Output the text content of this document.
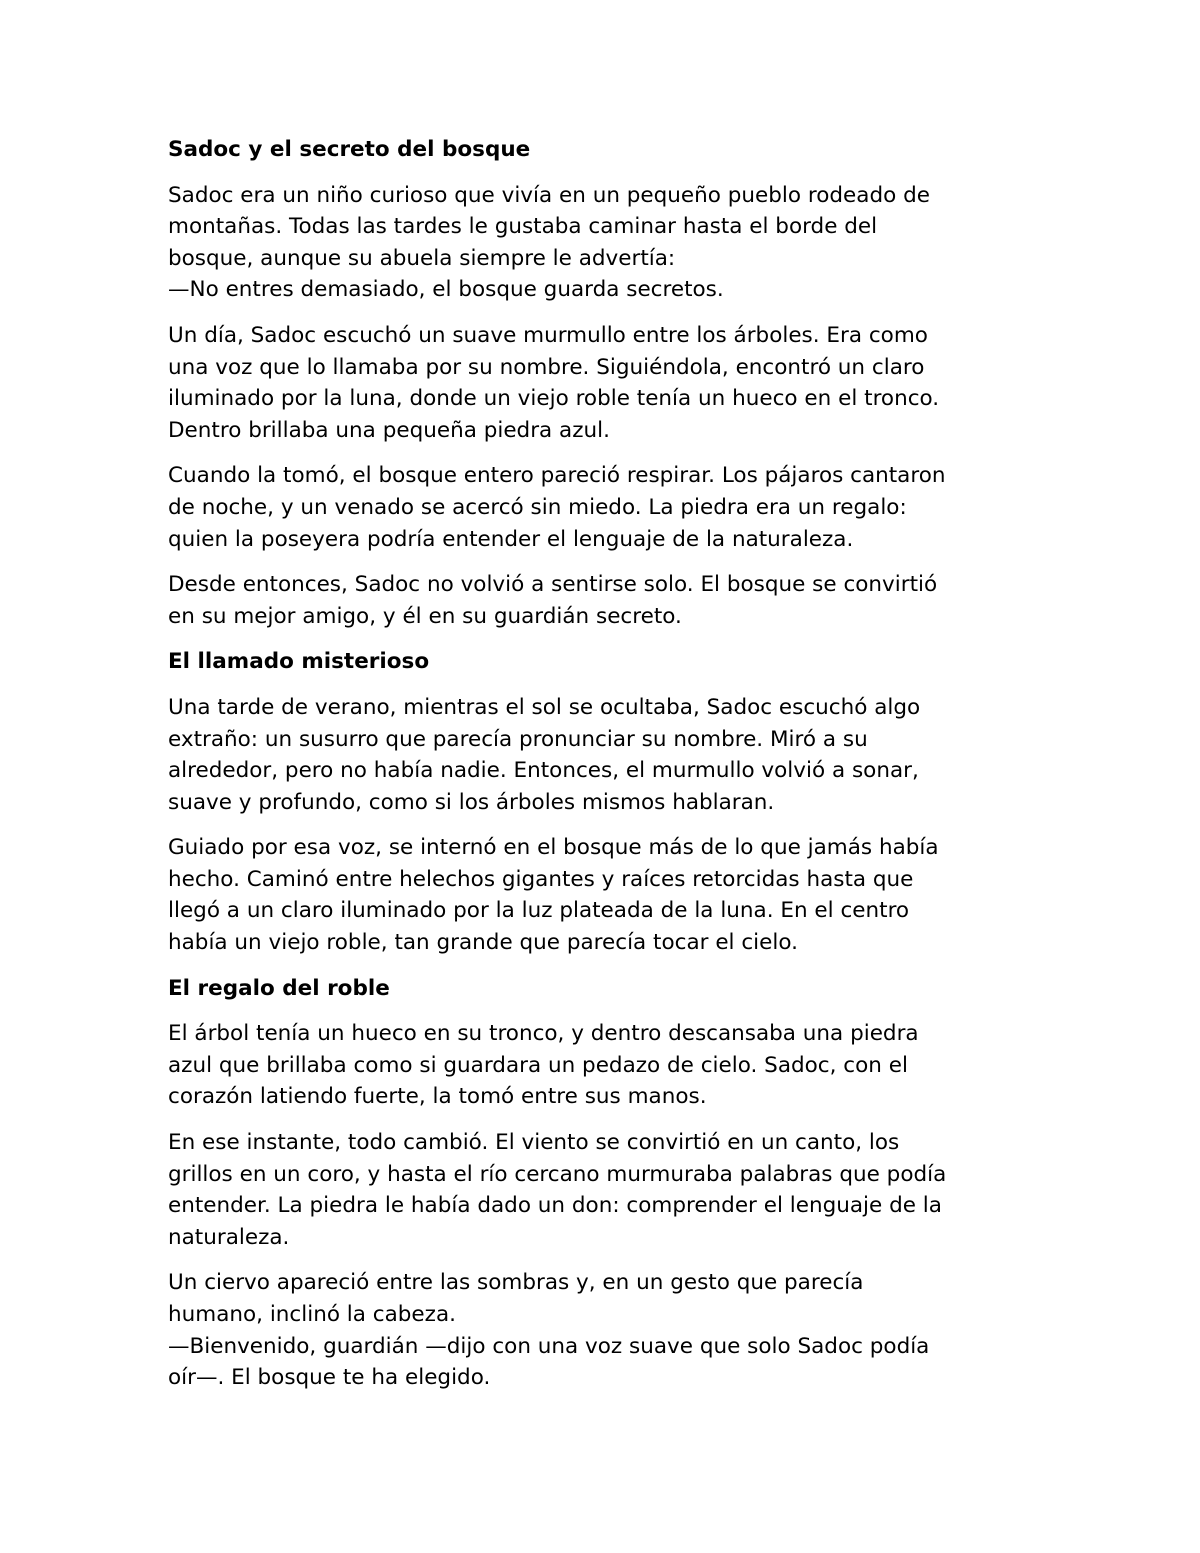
Sadoc y el secreto del bosque
Sadoc era un niño curioso que vivía en un pequeño pueblo rodeado de
montañas. Todas las tardes le gustaba caminar hasta el borde del
bosque, aunque su abuela siempre le advertía:
—No entres demasiado, el bosque guarda secretos.
Un día, Sadoc escuchó un suave murmullo entre los árboles. Era como
una voz que lo llamaba por su nombre. Siguiéndola, encontró un claro
iluminado por la luna, donde un viejo roble tenía un hueco en el tronco.
Dentro brillaba una pequeña piedra azul.
Cuando la tomó, el bosque entero pareció respirar. Los pájaros cantaron
de noche, y un venado se acercó sin miedo. La piedra era un regalo:
quien la poseyera podría entender el lenguaje de la naturaleza.
Desde entonces, Sadoc no volvió a sentirse solo. El bosque se convirtió
en su mejor amigo, y él en su guardián secreto.
El llamado misterioso
Una tarde de verano, mientras el sol se ocultaba, Sadoc escuchó algo
extraño: un susurro que parecía pronunciar su nombre. Miró a su
alrededor, pero no había nadie. Entonces, el murmullo volvió a sonar,
suave y profundo, como si los árboles mismos hablaran.
Guiado por esa voz, se internó en el bosque más de lo que jamás había
hecho. Caminó entre helechos gigantes y raíces retorcidas hasta que
llegó a un claro iluminado por la luz plateada de la luna. En el centro
había un viejo roble, tan grande que parecía tocar el cielo.
El regalo del roble
El árbol tenía un hueco en su tronco, y dentro descansaba una piedra
azul que brillaba como si guardara un pedazo de cielo. Sadoc, con el
corazón latiendo fuerte, la tomó entre sus manos.
En ese instante, todo cambió. El viento se convirtió en un canto, los
grillos en un coro, y hasta el río cercano murmuraba palabras que podía
entender. La piedra le había dado un don: comprender el lenguaje de la
naturaleza.
Un ciervo apareció entre las sombras y, en un gesto que parecía
humano, inclinó la cabeza.
—Bienvenido, guardián —dijo con una voz suave que solo Sadoc podía
oír—. El bosque te ha elegido.
